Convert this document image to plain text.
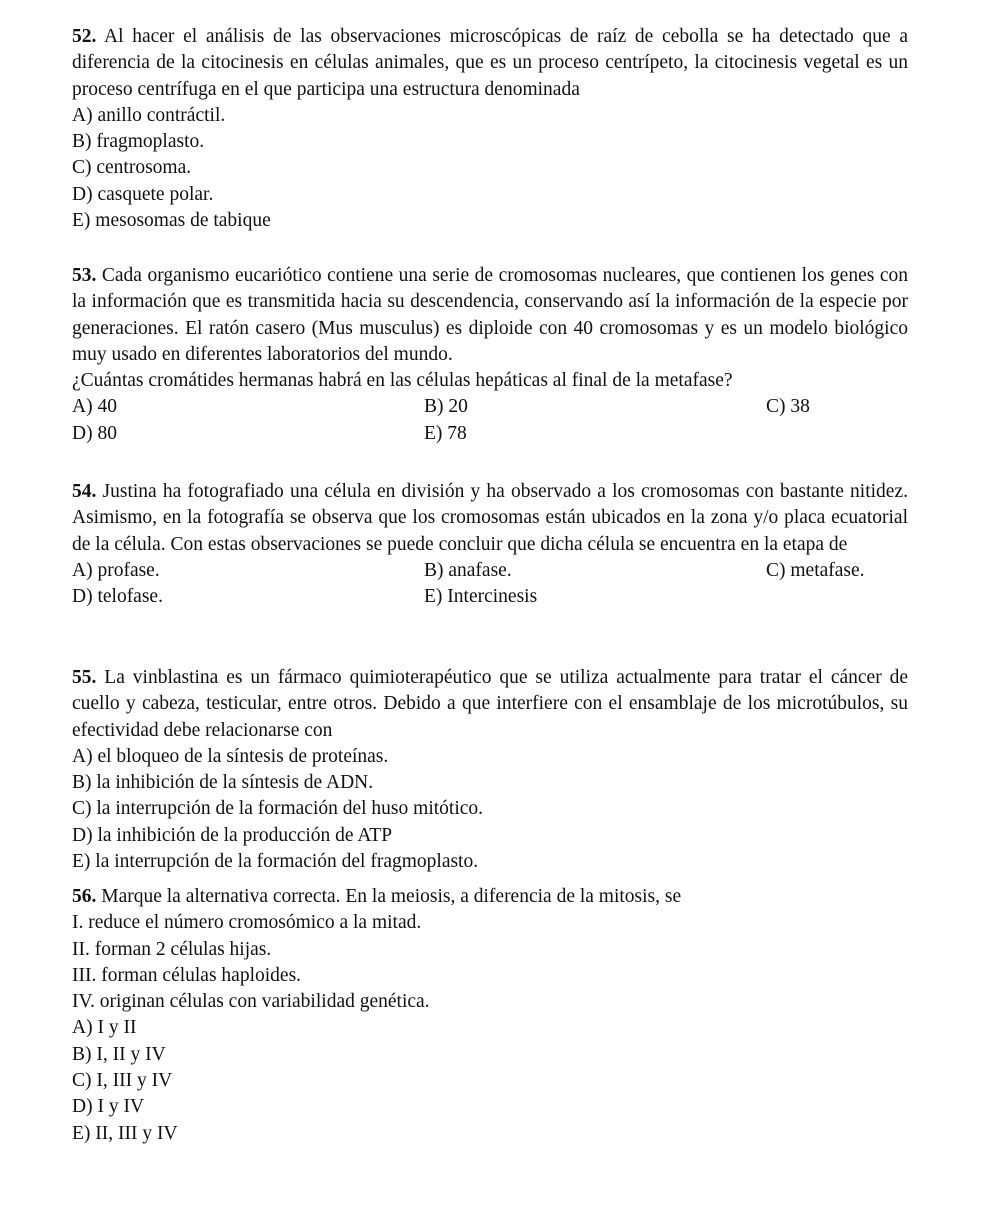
52. Al hacer el análisis de las observaciones microscópicas de raíz de cebolla se ha detectado que a diferencia de la citocinesis en células animales, que es un proceso centrípeto, la citocinesis vegetal es un proceso centrífuga en el que participa una estructura denominada

A) anillo contráctil.

B) fragmoplasto.

C) centrosoma.

D) casquete polar.

E) mesosomas de tabique

53. Cada organismo eucariótico contiene una serie de cromosomas nucleares, que contienen los genes con la información que es transmitida hacia su descendencia, conservando así la información de la especie por generaciones. El ratón casero (Mus musculus) es diploide con 40 cromosomas y es un modelo biológico muy usado en diferentes laboratorios del mundo.

¿Cuántas cromátides hermanas habrá en las células hepáticas al final de la metafase?

A) 40	B) 20	C) 38
D) 80	E) 78

54. Justina ha fotografiado una célula en división y ha observado a los cromosomas con bastante nitidez. Asimismo, en la fotografía se observa que los cromosomas están ubicados en la zona y/o placa ecuatorial de la célula. Con estas observaciones se puede concluir que dicha célula se encuentra en la etapa de

A) profase.	B) anafase.	C) metafase.
D) telofase.	E) Intercinesis

55. La vinblastina es un fármaco quimioterapéutico que se utiliza actualmente para tratar el cáncer de cuello y cabeza, testicular, entre otros. Debido a que interfiere con el ensamblaje de los microtúbulos, su efectividad debe relacionarse con

A) el bloqueo de la síntesis de proteínas.

B) la inhibición de la síntesis de ADN.

C) la interrupción de la formación del huso mitótico.

D) la inhibición de la producción de ATP

E) la interrupción de la formación del fragmoplasto.

56. Marque la alternativa correcta. En la meiosis, a diferencia de la mitosis, se

I. reduce el número cromosómico a la mitad.

II. forman 2 células hijas.

III. forman células haploides.

IV. originan células con variabilidad genética.

A) I y II

B) I, II y IV

C) I, III y IV

D) I y IV

E) II, III y IV
